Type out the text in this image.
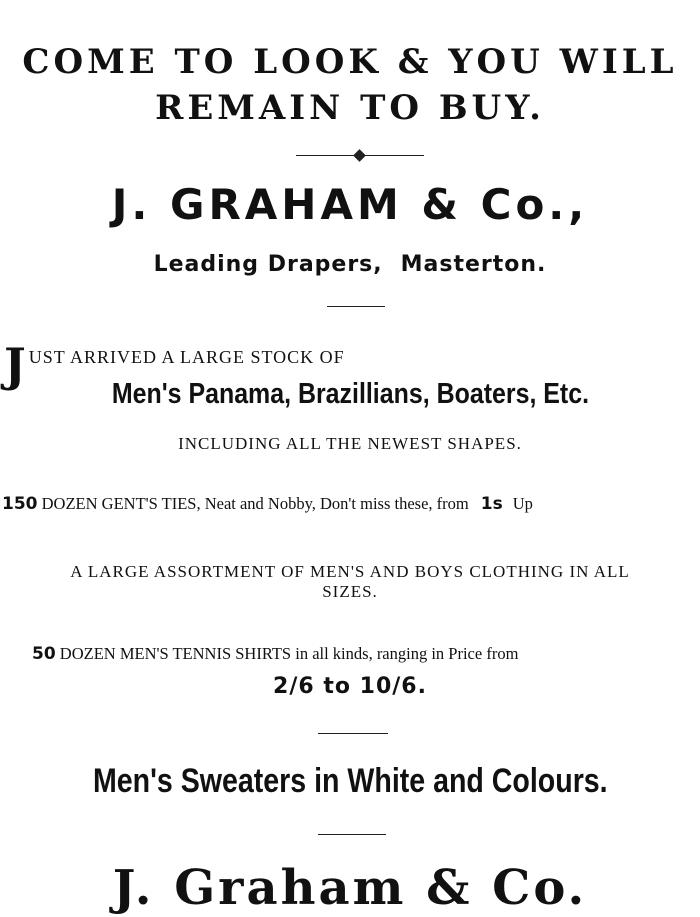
COME TO LOOK & YOU WILL
REMAIN TO BUY.
J. GRAHAM & Co.,
Leading Drapers, Masterton.
JUST ARRIVED A LARGE STOCK OF
Men's Panama, Brazillians, Boaters, Etc.
INCLUDING ALL THE NEWEST SHAPES.
150 DOZEN GENT'S TIES, Neat and Nobby, Don't miss these, from 1s Up
A LARGE ASSORTMENT OF MEN'S AND BOYS CLOTHING IN ALL
SIZES.
50 DOZEN MEN'S TENNIS SHIRTS in all kinds, ranging in Price from
2/6 to 10/6.
Men's Sweaters in White and Colours.
J. Graham & Co.
